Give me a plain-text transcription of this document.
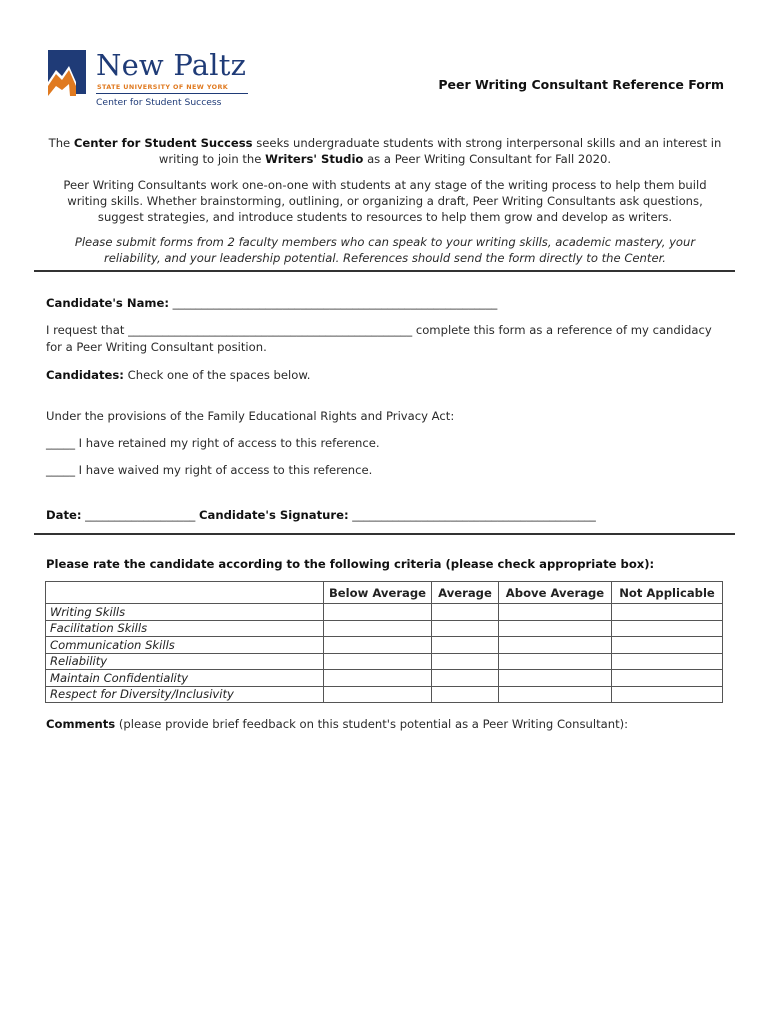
New Paltz
STATE UNIVERSITY OF NEW YORK
Center for Student Success
Peer Writing Consultant Reference Form
The Center for Student Success seeks undergraduate students with strong interpersonal skills and an interest in writing to join the Writers' Studio as a Peer Writing Consultant for Fall 2020.
Peer Writing Consultants work one-on-one with students at any stage of the writing process to help them build writing skills. Whether brainstorming, outlining, or organizing a draft, Peer Writing Consultants ask questions, suggest strategies, and introduce students to resources to help them grow and develop as writers.
Please submit forms from 2 faculty members who can speak to your writing skills, academic mastery, your reliability, and your leadership potential. References should send the form directly to the Center.
Candidate's Name: ________________________________________________________
I request that _________________________________________________ complete this form as a reference of my candidacy for a Peer Writing Consultant position.
Candidates: Check one of the spaces below.
Under the provisions of the Family Educational Rights and Privacy Act:
_____ I have retained my right of access to this reference.
_____ I have waived my right of access to this reference.
Date: ___________________ Candidate's Signature: __________________________________________
Please rate the candidate according to the following criteria (please check appropriate box):
	Below Average	Average	Above Average	Not Applicable
Writing Skills				
Facilitation Skills				
Communication Skills				
Reliability				
Maintain Confidentiality				
Respect for Diversity/Inclusivity				
Comments (please provide brief feedback on this student's potential as a Peer Writing Consultant):
